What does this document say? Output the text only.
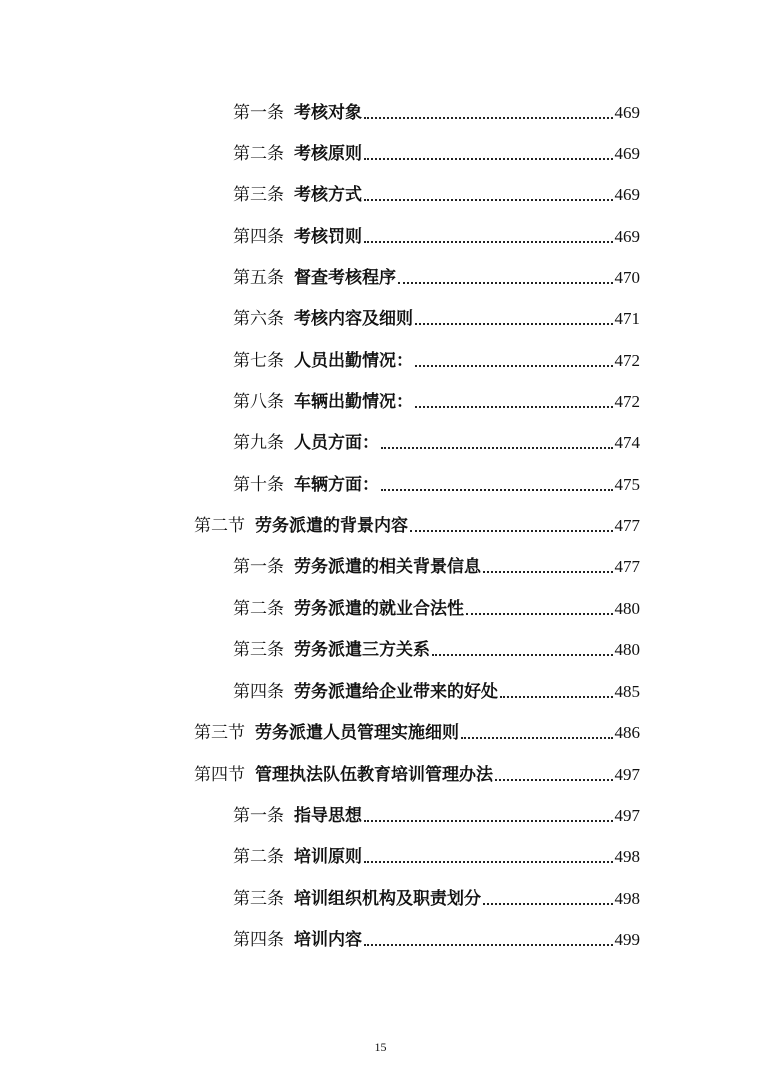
第一条 考核对象	469
第二条 考核原则	469
第三条 考核方式	469
第四条 考核罚则	469
第五条 督查考核程序	470
第六条 考核内容及细则	471
第七条 人员出勤情况：	472
第八条 车辆出勤情况：	472
第九条 人员方面：	474
第十条 车辆方面：	475
第二节 劳务派遣的背景内容	477
第一条 劳务派遣的相关背景信息	477
第二条 劳务派遣的就业合法性	480
第三条 劳务派遣三方关系	480
第四条 劳务派遣给企业带来的好处	485
第三节 劳务派遣人员管理实施细则	486
第四节 管理执法队伍教育培训管理办法	497
第一条 指导思想	497
第二条 培训原则	498
第三条 培训组织机构及职责划分	498
第四条 培训内容	499
15
